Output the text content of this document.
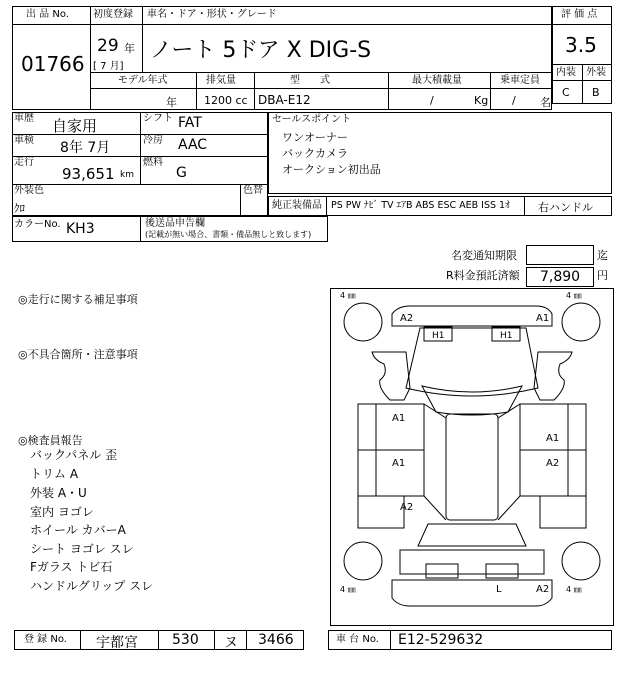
出 品 No.
01766
初度登録 車名・ドア・形状・グレード
29 年
[ 7 月]
ノート 5ドア X DIG-S
モデル年式	排気量	型　　式	最大積載量	乗車定員
年 1200 cc DBA-E12	/	Kg / 名
評 価 点
3.5
内装 外装
C B
車歴 自家用	シフト FAT
車検 8年 7月	冷房 AAC
走行
93,651 km
燃料
G
外装色
ｸﾛ
色替
カラーNo. KH3	後送品申告欄
(記載が無い場合、書類・備品無しと致します)
セールスポイント
ワンオーナー
バックカメラ
オークション初出品
純正装備品 PS PW ﾅﾋﾞ TV ｴｱB ABS ESC AEB ISS 1ｵ	右ハンドル
名変通知期限	迄
R料金預託済額 7,890 円
◎走行に関する補足事項
◎不具合箇所・注意事項
◎検査員報告
バックパネル 歪
トリム A
外装 A・U
室内 ヨゴレ
ホイール カバーA
シート ヨゴレ スレ
Fガラス トビ石
ハンドルグリップ スレ
4 ㎜	4 ㎜
4 ㎜	4 ㎜
A2	A1
H1	H1
A1
A1
A2
A1
A2
L	A2
登 録 No. 宇都宮 530 ヌ 3466	車 台 No. E12-529632
